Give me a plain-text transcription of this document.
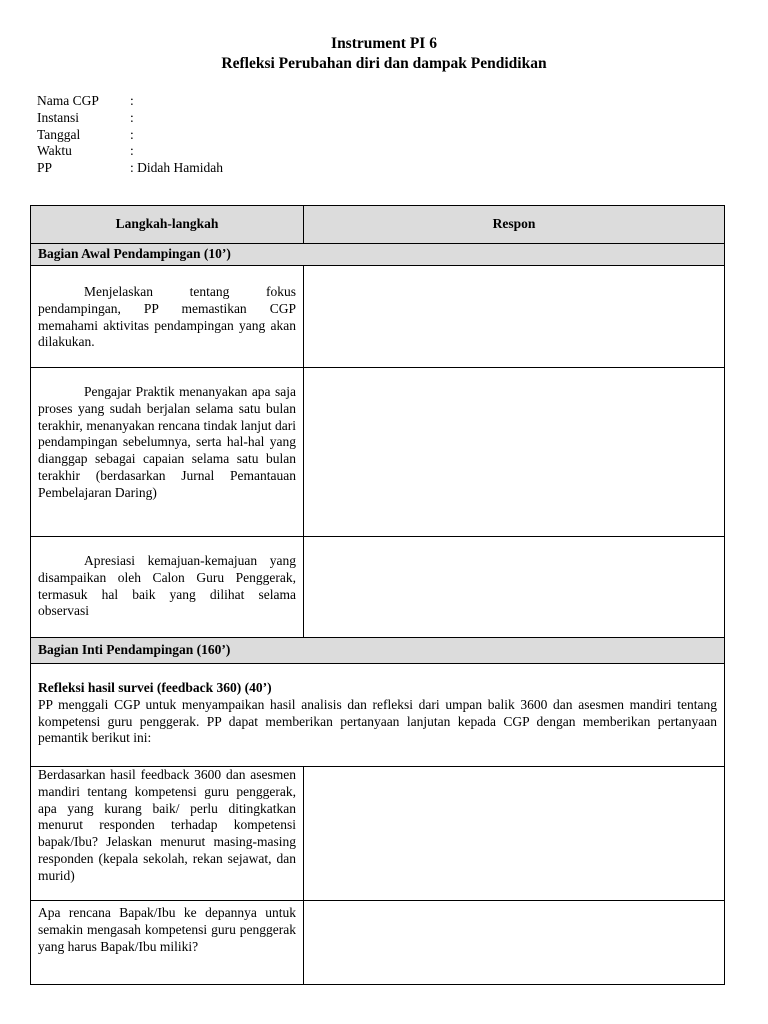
Instrument PI 6
Refleksi Perubahan diri dan dampak Pendidikan
Nama CGP	:
Instansi	:
Tanggal	:
Waktu	:
PP	: Didah Hamidah
Langkah-langkah	Respon
Bagian Awal Pendampingan (10’)	
Menjelaskan tentang fokus pendampingan, PP memastikan CGP memahami aktivitas pendampingan yang akan dilakukan.	
Pengajar Praktik menanyakan apa saja proses yang sudah berjalan selama satu bulan terakhir, menanyakan rencana tindak lanjut dari pendampingan sebelumnya, serta hal-hal yang dianggap sebagai capaian selama satu bulan terakhir (berdasarkan Jurnal Pemantauan Pembelajaran Daring)	
Apresiasi kemajuan-kemajuan yang disampaikan oleh Calon Guru Penggerak, termasuk hal baik yang dilihat selama observasi	
Bagian Inti Pendampingan (160’)	

Refleksi hasil survei (feedback 360) (40’)
PP menggali CGP untuk menyampaikan hasil analisis dan refleksi dari umpan balik 3600 dan asesmen mandiri tentang kompetensi guru penggerak. PP dapat memberikan pertanyaan lanjutan kepada CGP dengan memberikan pertanyaan pemantik berikut ini:	

Berdasarkan hasil feedback 3600 dan asesmen mandiri tentang kompetensi guru penggerak, apa yang kurang baik/ perlu ditingkatkan menurut responden terhadap kompetensi bapak/Ibu? Jelaskan menurut masing-masing responden (kepala sekolah, rekan sejawat, dan murid)	
Apa rencana Bapak/Ibu ke depannya untuk semakin mengasah kompetensi guru penggerak yang harus Bapak/Ibu miliki?	
